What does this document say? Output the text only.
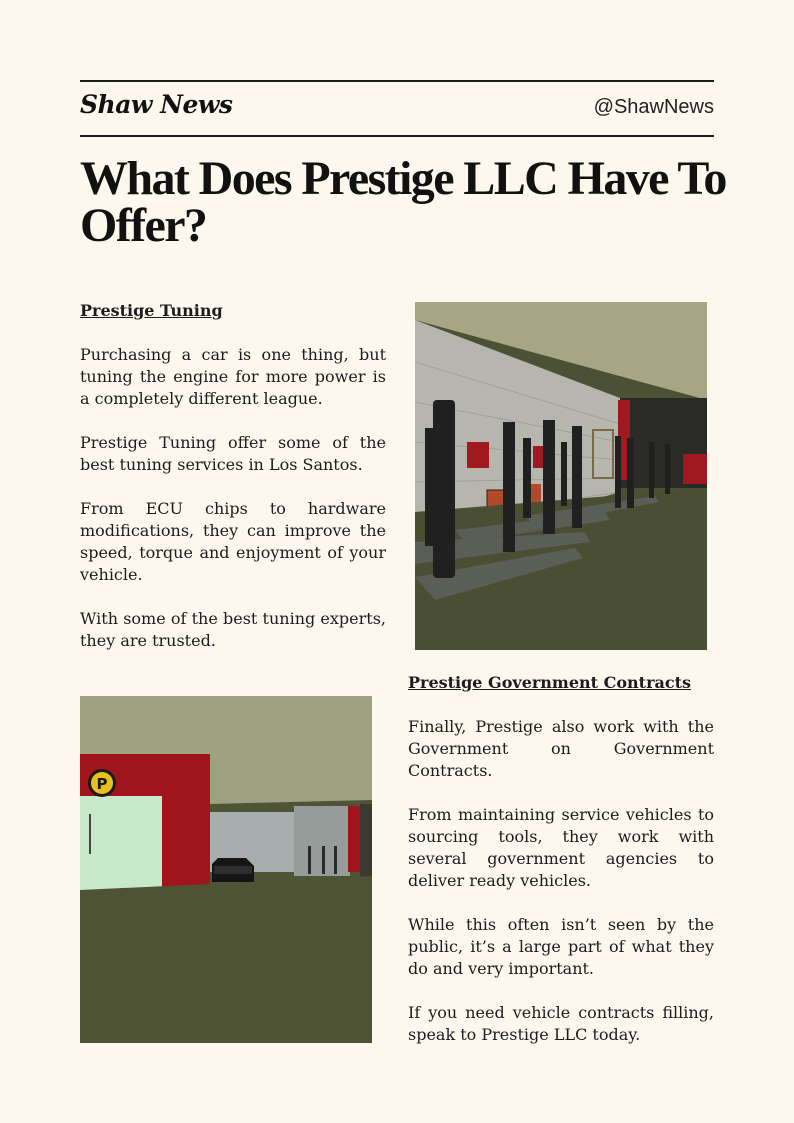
Shaw News	@ShawNews
What Does Prestige LLC Have To Offer?

Prestige Tuning

Purchasing a car is one thing, but tuning the engine for more power is a completely different league.

Prestige Tuning offer some of the best tuning services in Los Santos.

From ECU chips to hardware modifications, they can improve the speed, torque and enjoyment of your vehicle.

With some of the best tuning experts, they are trusted.

P

Prestige Government Contracts

Finally, Prestige also work with the Government on Government Contracts.

From maintaining service vehicles to sourcing tools, they work with several government agencies to deliver ready vehicles.

While this often isn’t seen by the public, it’s a large part of what they do and very important.

If you need vehicle contracts filling, speak to Prestige LLC today.
